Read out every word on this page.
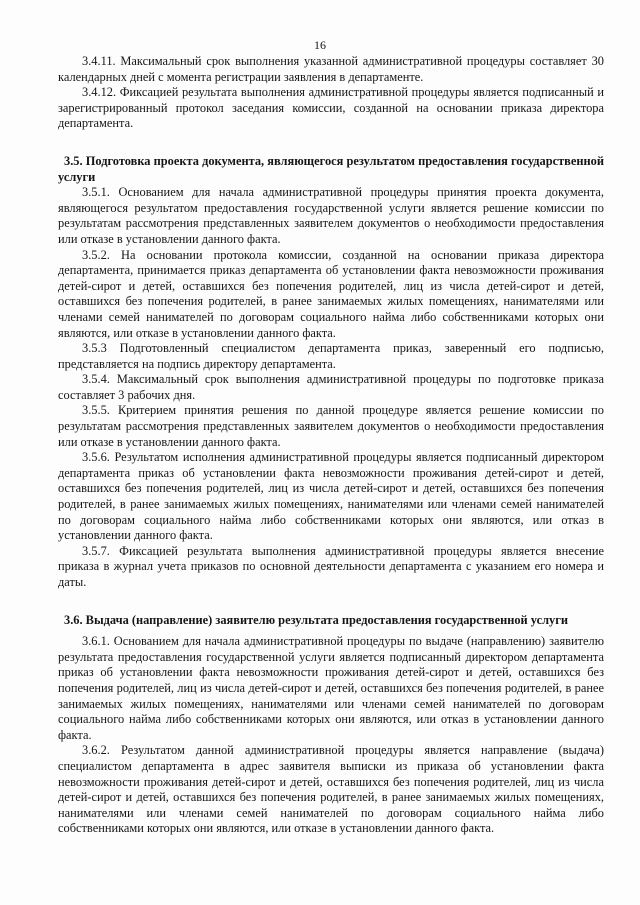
16

3.4.11. Максимальный срок выполнения указанной административной процедуры составляет 30 календарных дней с момента регистрации заявления в департаменте.

3.4.12. Фиксацией результата выполнения административной процедуры является подписанный и зарегистрированный протокол заседания комиссии, созданной на основании приказа директора департамента.

3.5. Подготовка проекта документа, являющегося результатом предоставления государственной услуги

3.5.1. Основанием для начала административной процедуры принятия проекта документа, являющегося результатом предоставления государственной услуги является решение комиссии по результатам рассмотрения представленных заявителем документов о необходимости предоставления или отказе в установлении данного факта.

3.5.2. На основании протокола комиссии, созданной на основании приказа директора департамента, принимается приказ департамента об установлении факта невозможности проживания детей-сирот и детей, оставшихся без попечения родителей, лиц из числа детей-сирот и детей, оставшихся без попечения родителей, в ранее занимаемых жилых помещениях, нанимателями или членами семей нанимателей по договорам социального найма либо собственниками которых они являются, или отказе в установлении данного факта.

3.5.3 Подготовленный специалистом департамента приказ, заверенный его подписью, представляется на подпись директору департамента.

3.5.4. Максимальный срок выполнения административной процедуры по подготовке приказа составляет 3 рабочих дня.

3.5.5. Критерием принятия решения по данной процедуре является решение комиссии по результатам рассмотрения представленных заявителем документов о необходимости предоставления или отказе в установлении данного факта.

3.5.6. Результатом исполнения административной процедуры является подписанный директором департамента приказ об установлении факта невозможности проживания детей-сирот и детей, оставшихся без попечения родителей, лиц из числа детей-сирот и детей, оставшихся без попечения родителей, в ранее занимаемых жилых помещениях, нанимателями или членами семей нанимателей по договорам социального найма либо собственниками которых они являются, или отказ в установлении данного факта.

3.5.7. Фиксацией результата выполнения административной процедуры является внесение приказа в журнал учета приказов по основной деятельности департамента с указанием его номера и даты.

3.6. Выдача (направление) заявителю результата предоставления государственной услуги

3.6.1. Основанием для начала административной процедуры по выдаче (направлению) заявителю результата предоставления государственной услуги является подписанный директором департамента приказ об установлении факта невозможности проживания детей-сирот и детей, оставшихся без попечения родителей, лиц из числа детей-сирот и детей, оставшихся без попечения родителей, в ранее занимаемых жилых помещениях, нанимателями или членами семей нанимателей по договорам социального найма либо собственниками которых они являются, или отказ в установлении данного факта.

3.6.2. Результатом данной административной процедуры является направление (выдача) специалистом департамента в адрес заявителя выписки из приказа об установлении факта невозможности проживания детей-сирот и детей, оставшихся без попечения родителей, лиц из числа детей-сирот и детей, оставшихся без попечения родителей, в ранее занимаемых жилых помещениях, нанимателями или членами семей нанимателей по договорам социального найма либо собственниками которых они являются, или отказе в установлении данного факта.
